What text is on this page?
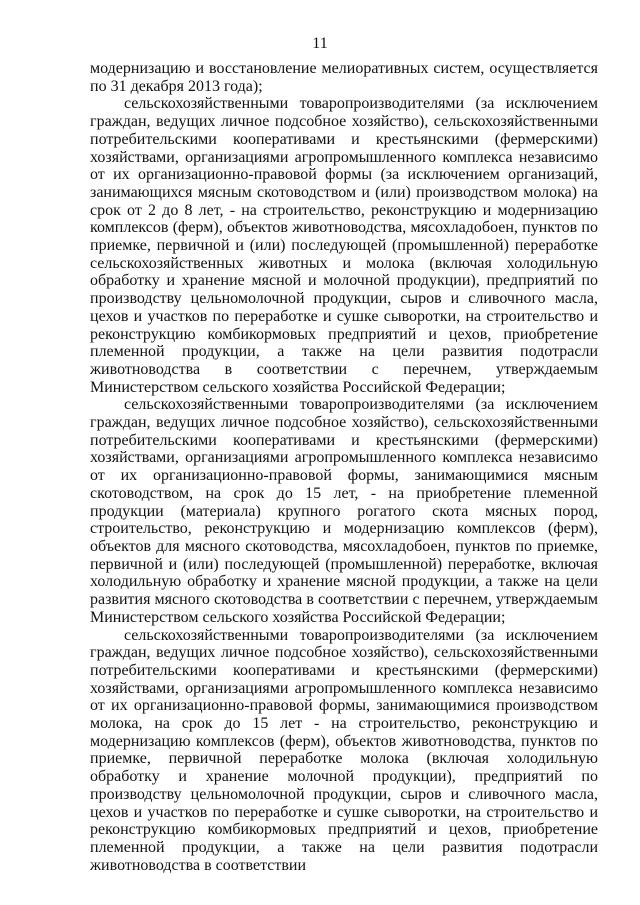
11

модернизацию и восстановление мелиоративных систем, осуществляется по 31 декабря 2013 года);

сельскохозяйственными товаропроизводителями (за исключением граждан, ведущих личное подсобное хозяйство), сельскохозяйственными потребительскими кооперативами и крестьянскими (фермерскими) хозяйствами, организациями агропромышленного комплекса независимо от их организационно-правовой формы (за исключением организаций, занимающихся мясным скотоводством и (или) производством молока) на срок от 2 до 8 лет, - на строительство, реконструкцию и модернизацию комплексов (ферм), объектов животноводства, мясохладобоен, пунктов по приемке, первичной и (или) последующей (промышленной) переработке сельскохозяйственных животных и молока (включая холодильную обработку и хранение мясной и молочной продукции), предприятий по производству цельномолочной продукции, сыров и сливочного масла, цехов и участков по переработке и сушке сыворотки, на строительство и реконструкцию комбикормовых предприятий и цехов, приобретение племенной продукции, а также на цели развития подотрасли животноводства в соответствии с перечнем, утверждаемым Министерством сельского хозяйства Российской Федерации;

сельскохозяйственными товаропроизводителями (за исключением граждан, ведущих личное подсобное хозяйство), сельскохозяйственными потребительскими кооперативами и крестьянскими (фермерскими) хозяйствами, организациями агропромышленного комплекса независимо от их организационно-правовой формы, занимающимися мясным скотоводством, на срок до 15 лет, - на приобретение племенной продукции (материала) крупного рогатого скота мясных пород, строительство, реконструкцию и модернизацию комплексов (ферм), объектов для мясного скотоводства, мясохладобоен, пунктов по приемке, первичной и (или) последующей (промышленной) переработке, включая холодильную обработку и хранение мясной продукции, а также на цели развития мясного скотоводства в соответствии с перечнем, утверждаемым Министерством сельского хозяйства Российской Федерации;

сельскохозяйственными товаропроизводителями (за исключением граждан, ведущих личное подсобное хозяйство), сельскохозяйственными потребительскими кооперативами и крестьянскими (фермерскими) хозяйствами, организациями агропромышленного комплекса независимо от их организационно-правовой формы, занимающимися производством молока, на срок до 15 лет - на строительство, реконструкцию и модернизацию комплексов (ферм), объектов животноводства, пунктов по приемке, первичной переработке молока (включая холодильную обработку и хранение молочной продукции), предприятий по производству цельномолочной продукции, сыров и сливочного масла, цехов и участков по переработке и сушке сыворотки, на строительство и реконструкцию комбикормовых предприятий и цехов, приобретение племенной продукции, а также на цели развития подотрасли животноводства в соответствии
